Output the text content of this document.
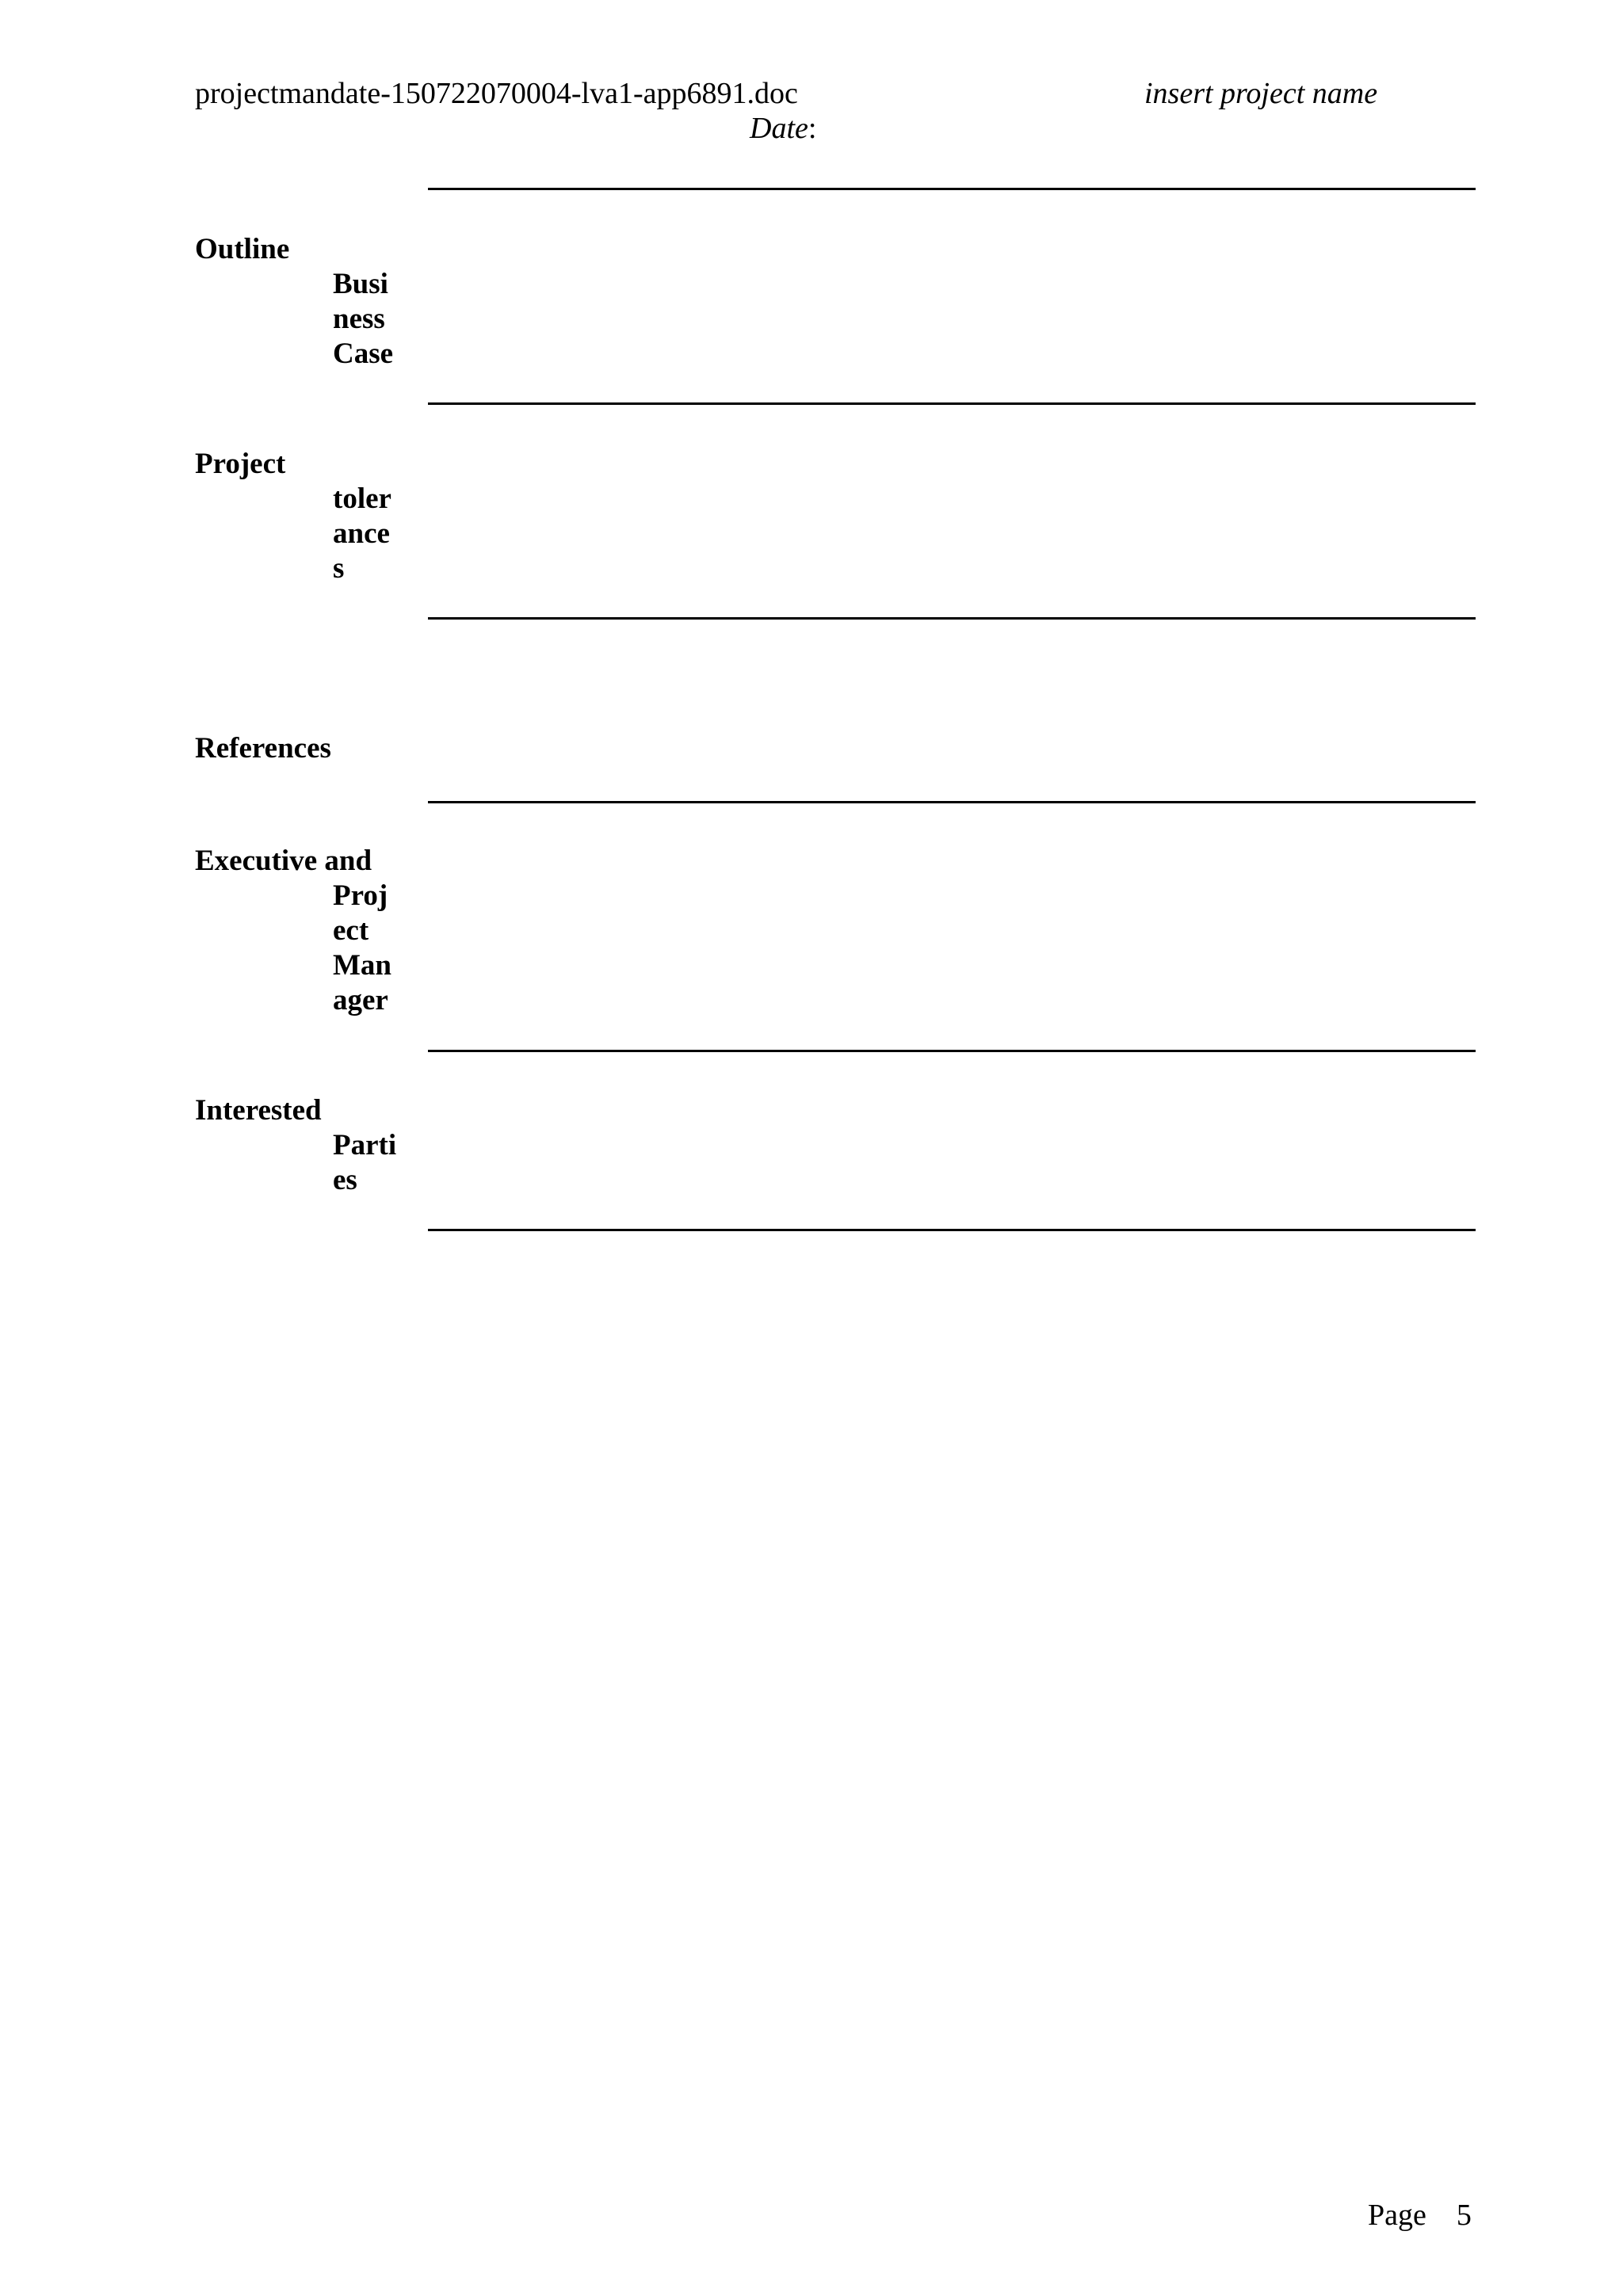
projectmandate-150722070004-lva1-app6891.doc	insert project name
Date:
Outline
Busi
ness
Case
Project
toler
ance
s
References
Executive and
Proj
ect
Man
ager
Interested
Parti
es
Page 5
